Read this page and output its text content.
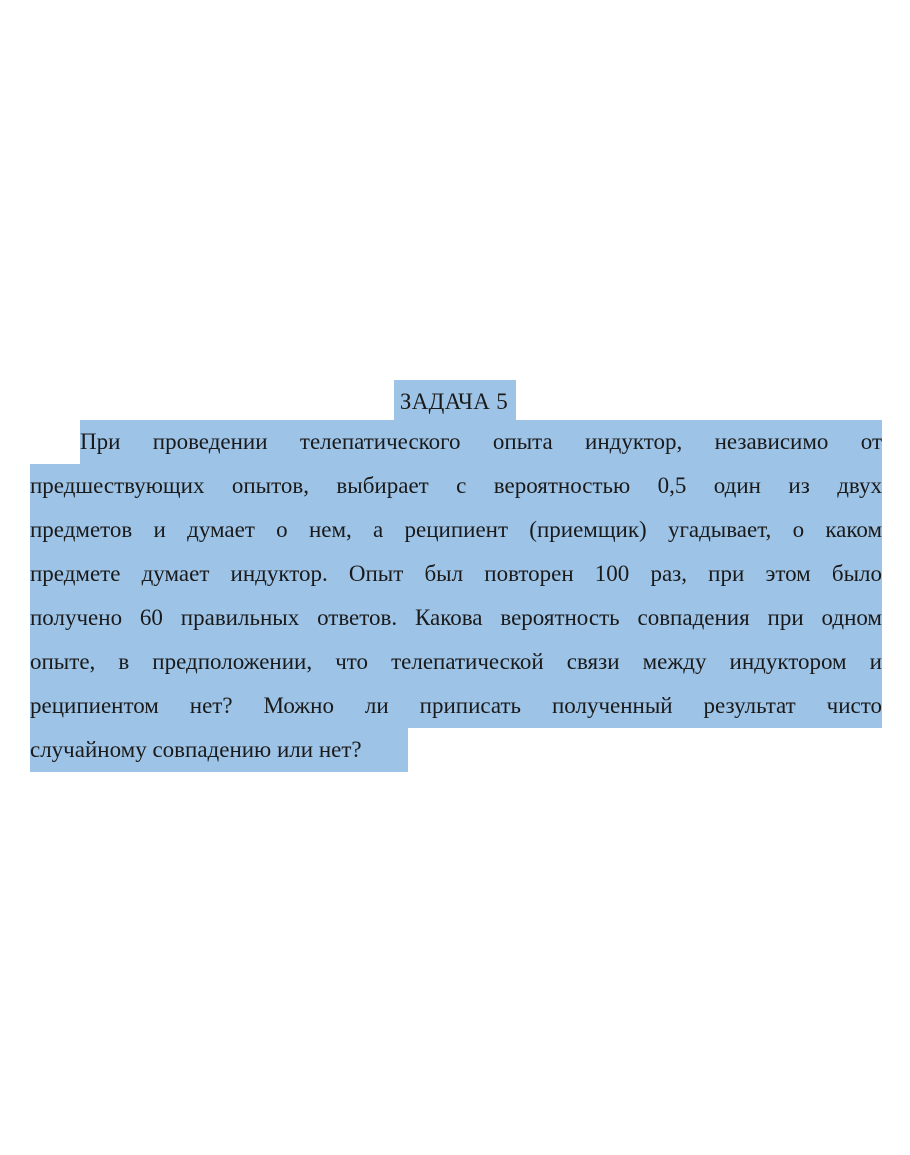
ЗАДАЧА 5
При проведении телепатического опыта индуктор, независимо от
предшествующих опытов, выбирает с вероятностью 0,5 один из двух
предметов и думает о нем, а реципиент (приемщик) угадывает, о каком
предмете думает индуктор. Опыт был повторен 100 раз, при этом было
получено 60 правильных ответов. Какова вероятность совпадения при одном
опыте, в предположении, что телепатической связи между индуктором и
реципиентом нет? Можно ли приписать полученный результат чисто
случайному совпадению или нет?
